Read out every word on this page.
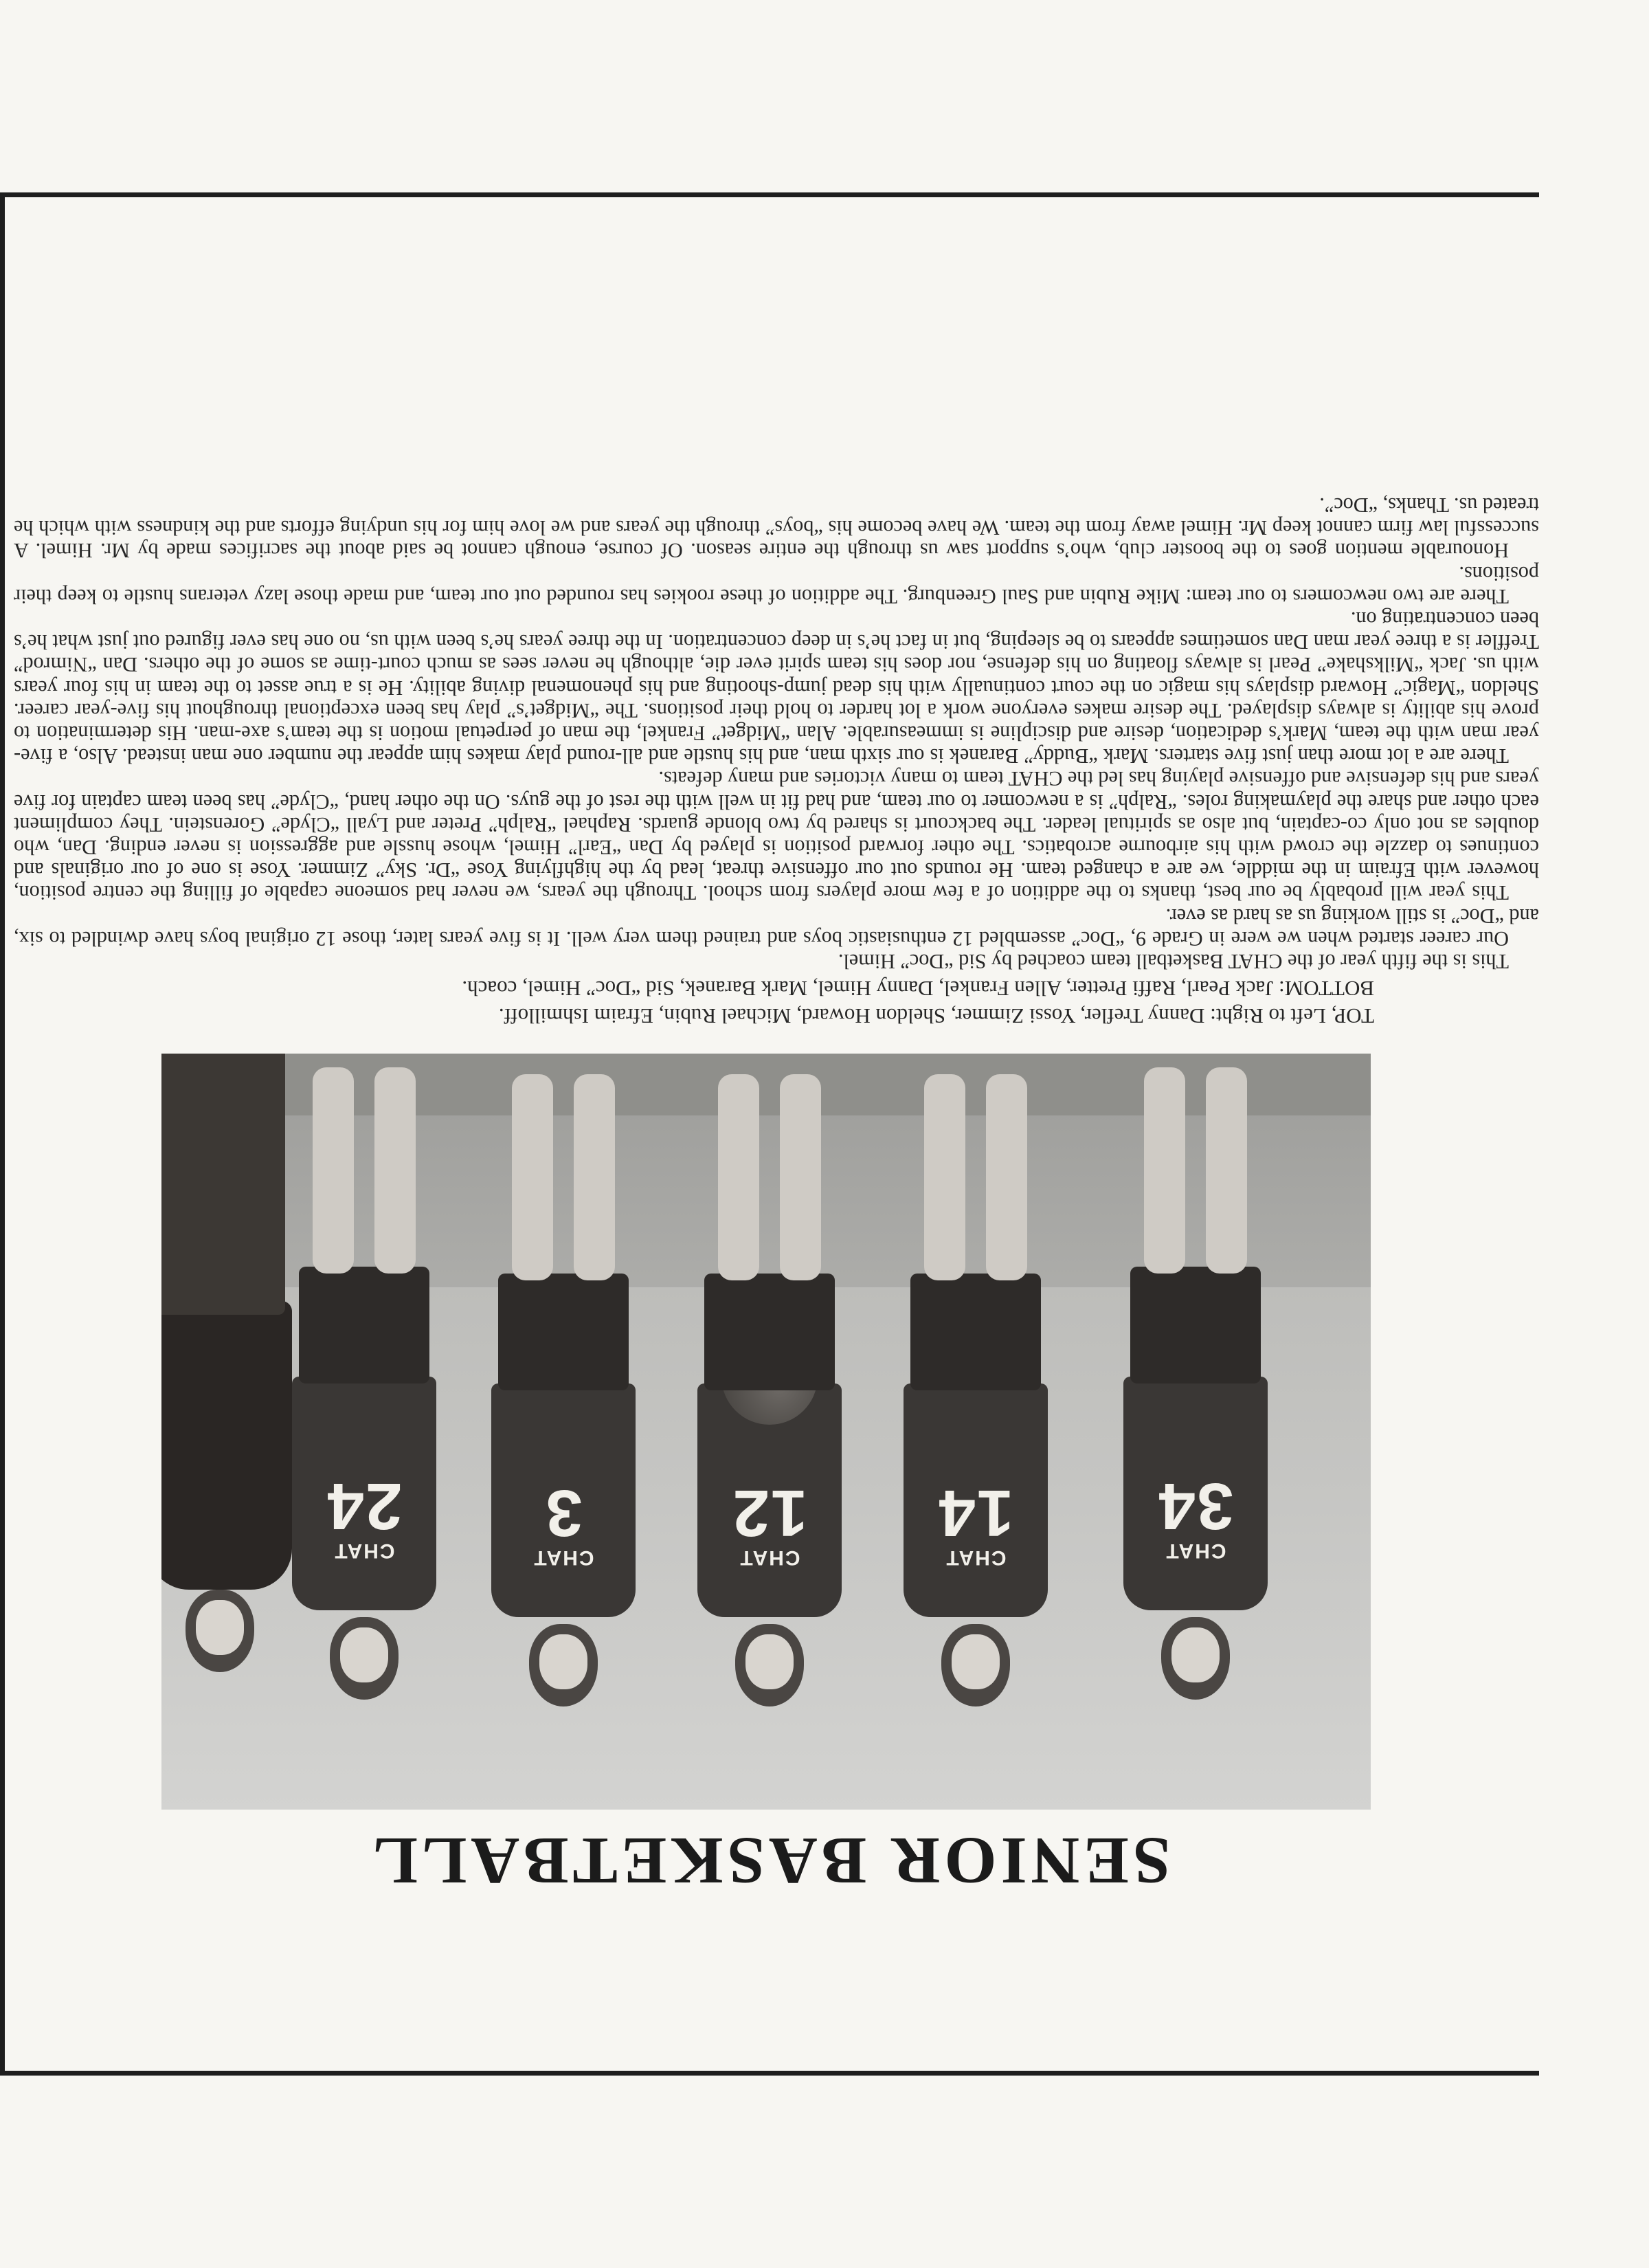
SENIOR BASKETBALL
CHAT
34
CHAT
14
CHAT
12
CHAT
3
CHAT
24
TOP, Left to Right: Danny Trefler, Yossi Zimmer, Sheldon Howard, Michael Rubin, Efraim Ishmilloff.
BOTTOM: Jack Pearl, Raffi Pretter, Allen Frankel, Danny Himel, Mark Baranek, Sid “Doc” Himel, coach.

This is the fifth year of the CHAT Basketball team coached by Sid “Doc” Himel.

Our career started when we were in Grade 9, “Doc” assembled 12 enthusiastic boys and trained them very well. It is five years later, those 12 original boys have dwindled to six, and “Doc” is still working us as hard as ever.

This year will probably be our best, thanks to the addition of a few more players from school. Through the years, we never had someone capable of filling the centre position, however with Efraim in the middle, we are a changed team. He rounds out our offensive threat, lead by the highflying Yose “Dr. Sky” Zimmer. Yose is one of our originals and continues to dazzle the crowd with his airbourne acrobatics. The other forward position is played by Dan “Earl” Himel, whose hussle and aggression is never ending. Dan, who doubles as not only co-captain, but also as spiritual leader. The backcourt is shared by two blonde guards. Raphael “Ralph” Preter and Lyall “Clyde” Gorenstein. They compliment each other and share the playmaking roles. “Ralph” is a newcomer to our team, and had fit in well with the rest of the guys. On the other hand, “Clyde” has been team captain for five years and his defensive and offensive playing has led the CHAT team to many victories and many defeats.

There are a lot more than just five starters. Mark “Buddy” Baranek is our sixth man, and his hustle and all-round play makes him appear the number one man instead. Also, a five-year man with the team, Mark’s dedication, desire and discipline is immeasurable. Alan “Midget” Frankel, the man of perpetual motion is the team’s axe-man. His determination to prove his ability is always displayed. The desire makes everyone work a lot harder to hold their positions. The “Midget’s” play has been exceptional throughout his five-year career. Sheldon “Magic” Howard displays his magic on the court continually with his dead jump-shooting and his phenomenal diving ability. He is a true asset to the team in his four years with us. Jack “Milkshake” Pearl is always floating on his defense, nor does his team spirit ever die, although he never sees as much court-time as some of the others. Dan “Nimrod” Treffler is a three year man Dan sometimes appears to be sleeping, but in fact he’s in deep concentration. In the three years he’s been with us, no one has ever figured out just what he’s been concentrating on.

There are two newcomers to our team: Mike Rubin and Saul Greenburg. The addition of these rookies has rounded out our team, and made those lazy veterans hustle to keep their positions.

Honourable mention goes to the booster club, who’s support saw us through the entire season. Of course, enough cannot be said about the sacrifices made by Mr. Himel. A successful law firm cannot keep Mr. Himel away from the team. We have become his “boys” through the years and we love him for his undying efforts and the kindness with which he treated us. Thanks, “Doc”.
